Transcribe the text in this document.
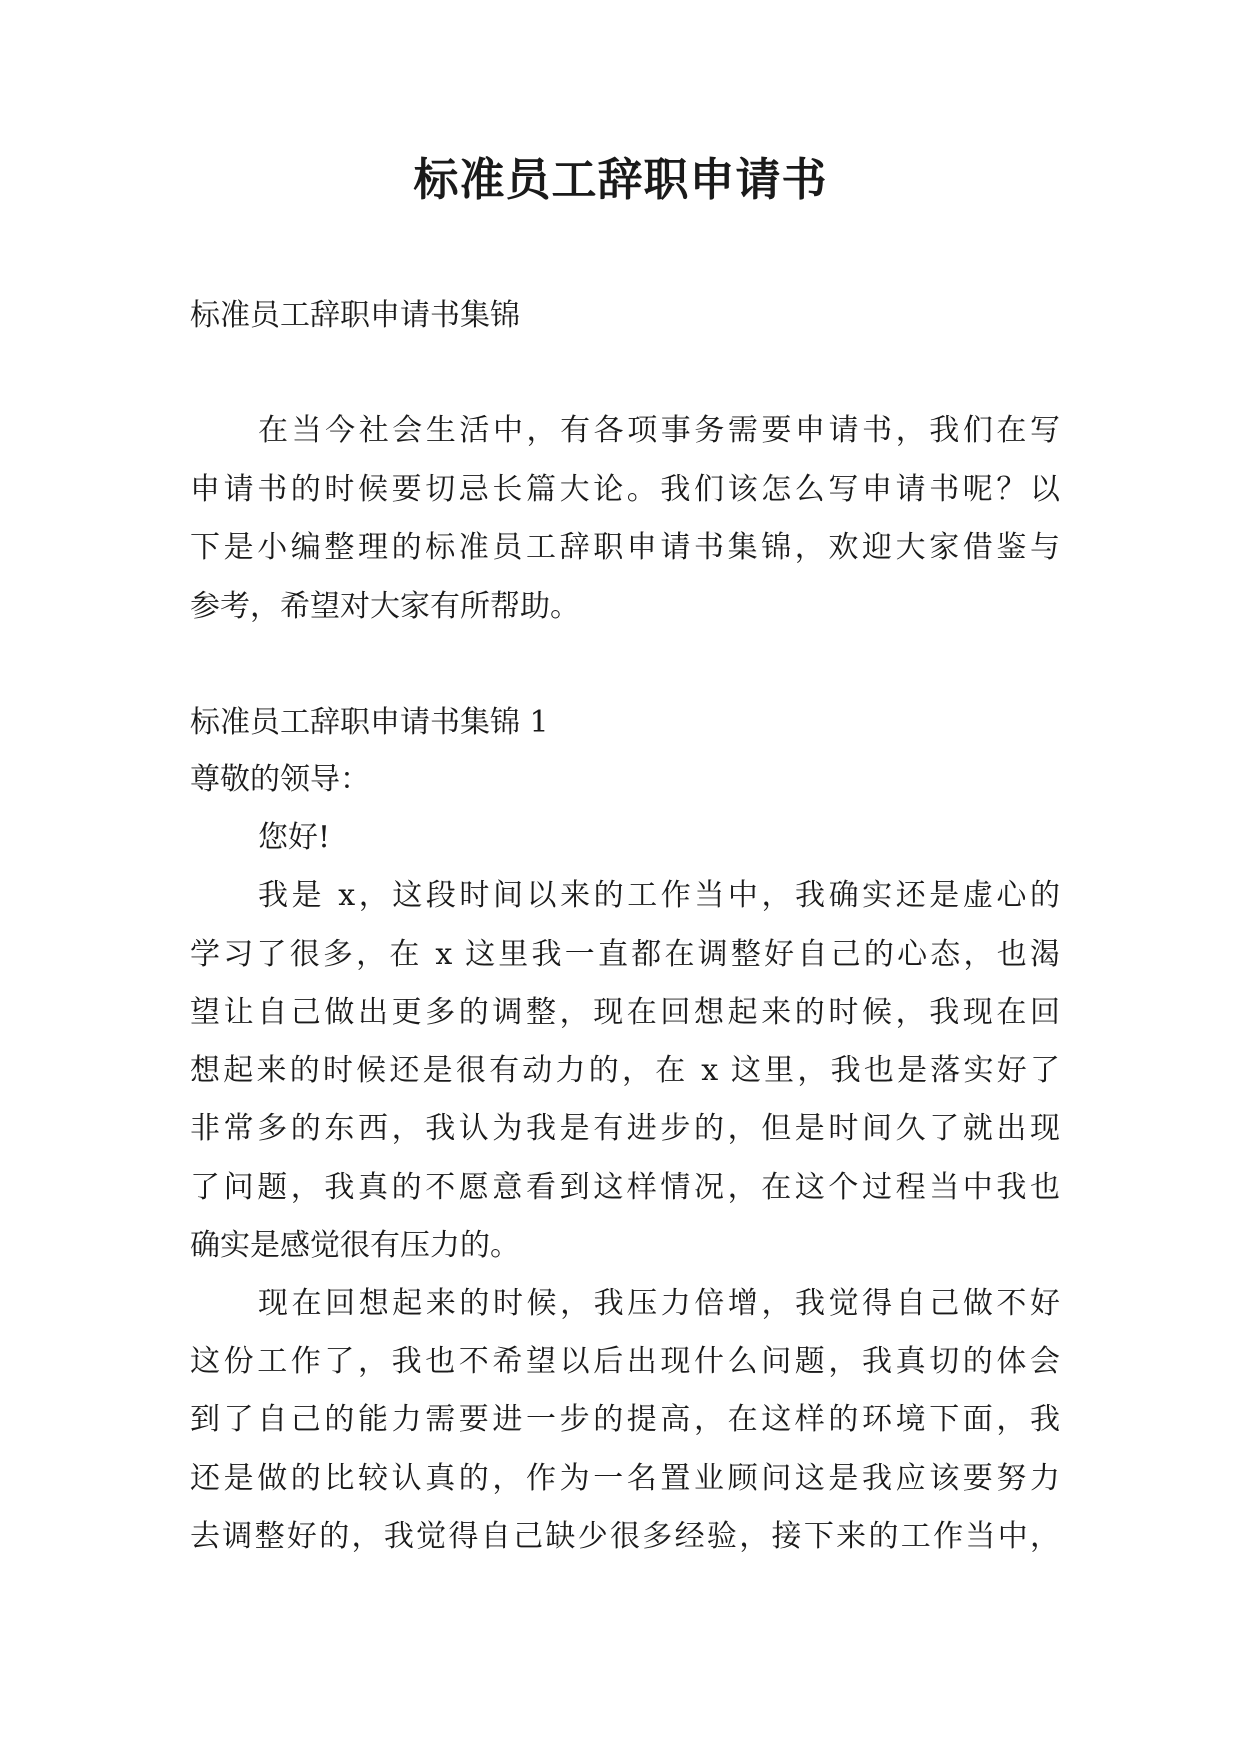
标准员工辞职申请书
标准员工辞职申请书集锦
在当今社会生活中，有各项事务需要申请书，我们在写
申请书的时候要切忌长篇大论。我们该怎么写申请书呢？以
下是小编整理的标准员工辞职申请书集锦，欢迎大家借鉴与
参考，希望对大家有所帮助。
标准员工辞职申请书集锦 1
尊敬的领导：
您好!
我是 x，这段时间以来的工作当中，我确实还是虚心的
学习了很多，在 x 这里我一直都在调整好自己的心态，也渴
望让自己做出更多的调整，现在回想起来的时候，我现在回
想起来的时候还是很有动力的，在 x 这里，我也是落实好了
非常多的东西，我认为我是有进步的，但是时间久了就出现
了问题，我真的不愿意看到这样情况，在这个过程当中我也
确实是感觉很有压力的。
现在回想起来的时候，我压力倍增，我觉得自己做不好
这份工作了，我也不希望以后出现什么问题，我真切的体会
到了自己的能力需要进一步的提高，在这样的环境下面，我
还是做的比较认真的，作为一名置业顾问这是我应该要努力
去调整好的，我觉得自己缺少很多经验，接下来的工作当中，
